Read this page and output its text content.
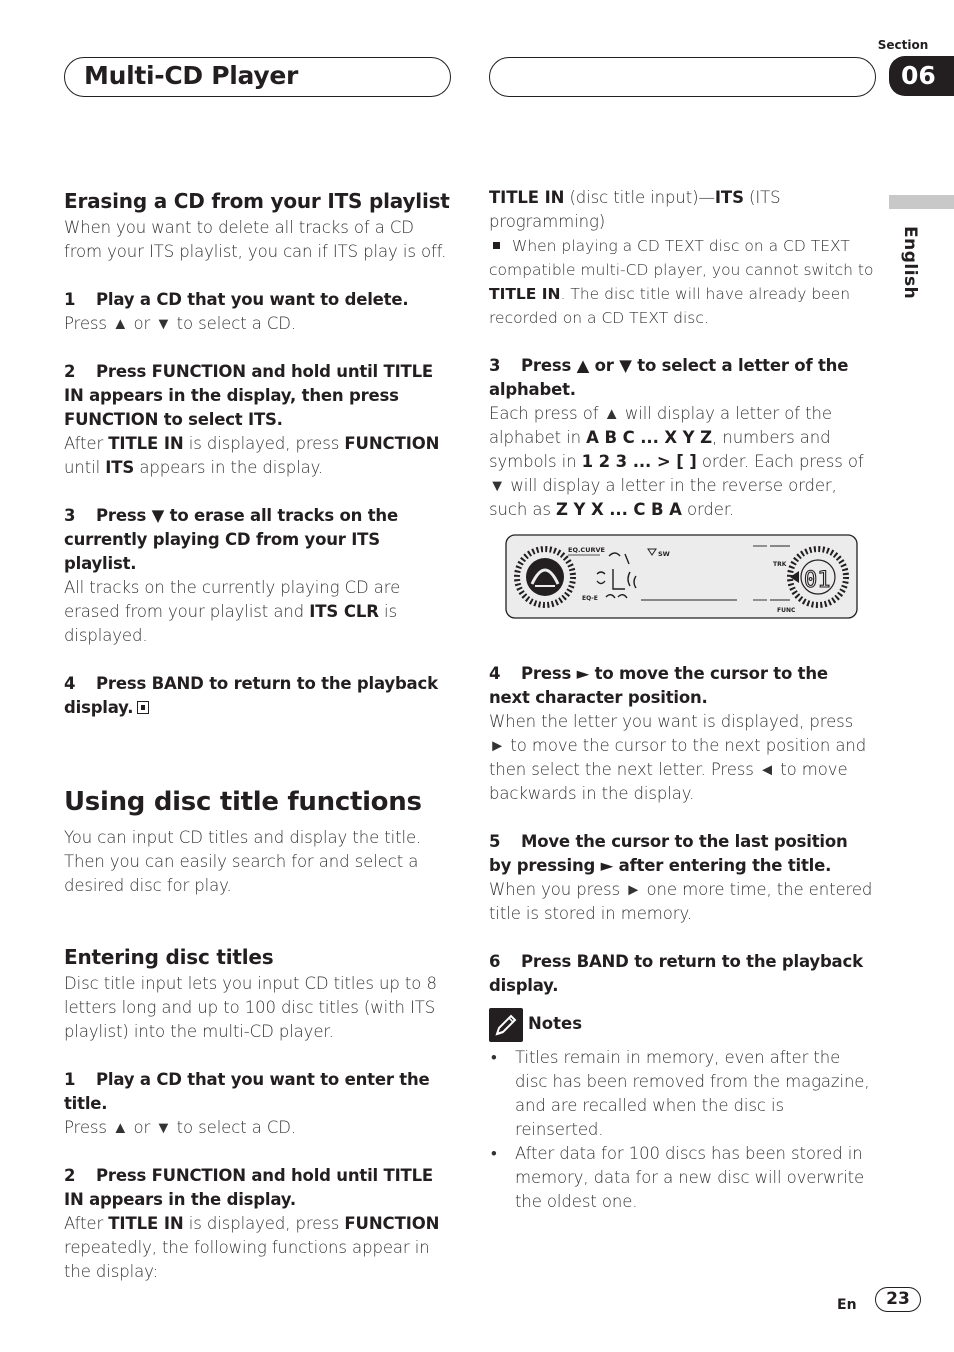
Multi-CD Player
Section
06
English
Erasing a CD from your ITS playlist

When you want to delete all tracks of a CD from your ITS playlist, you can if ITS play is off.

1 Play a CD that you want to delete.

Press ▲ or ▼ to select a CD.

2 Press FUNCTION and hold until TITLE IN appears in the display, then press FUNCTION to select ITS.

After TITLE IN is displayed, press FUNCTION until ITS appears in the display.

3 Press ▼ to erase all tracks on the currently playing CD from your ITS playlist.

All tracks on the currently playing CD are erased from your playlist and ITS CLR is displayed.

4 Press BAND to return to the playback display.
Using disc title functions

You can input CD titles and display the title. Then you can easily search for and select a desired disc for play.

Entering disc titles

Disc title input lets you input CD titles up to 8 letters long and up to 100 disc titles (with ITS playlist) into the multi-CD player.

1 Play a CD that you want to enter the title.

Press ▲ or ▼ to select a CD.

2 Press FUNCTION and hold until TITLE IN appears in the display.

After TITLE IN is displayed, press FUNCTION repeatedly, the following functions appear in the display:

TITLE IN (disc title input)—ITS (ITS programming)

When playing a CD TEXT disc on a CD TEXT compatible multi-CD player, you cannot switch to TITLE IN. The disc title will have already been recorded on a CD TEXT disc.

3 Press ▲ or ▼ to select a letter of the alphabet.

Each press of ▲ will display a letter of the alphabet in A B C ... X Y Z, numbers and symbols in 1 2 3 ... > [ ] order. Each press of ▼ will display a letter in the reverse order, such as Z Y X ... C B A order.

4 Press ► to move the cursor to the next character position.

When the letter you want is displayed, press ► to move the cursor to the next position and then select the next letter. Press ◄ to move backwards in the display.

5 Move the cursor to the last position by pressing ► after entering the title.

When you press ► one more time, the entered title is stored in memory.

6 Press BAND to return to the playback display.
EQ.CURVE	SW
EQ-E
TRK
FUNC
01
Notes
• Titles remain in memory, even after the disc has been removed from the magazine, and are recalled when the disc is reinserted.
• After data for 100 discs has been stored in memory, data for a new disc will overwrite the oldest one.
En	23
